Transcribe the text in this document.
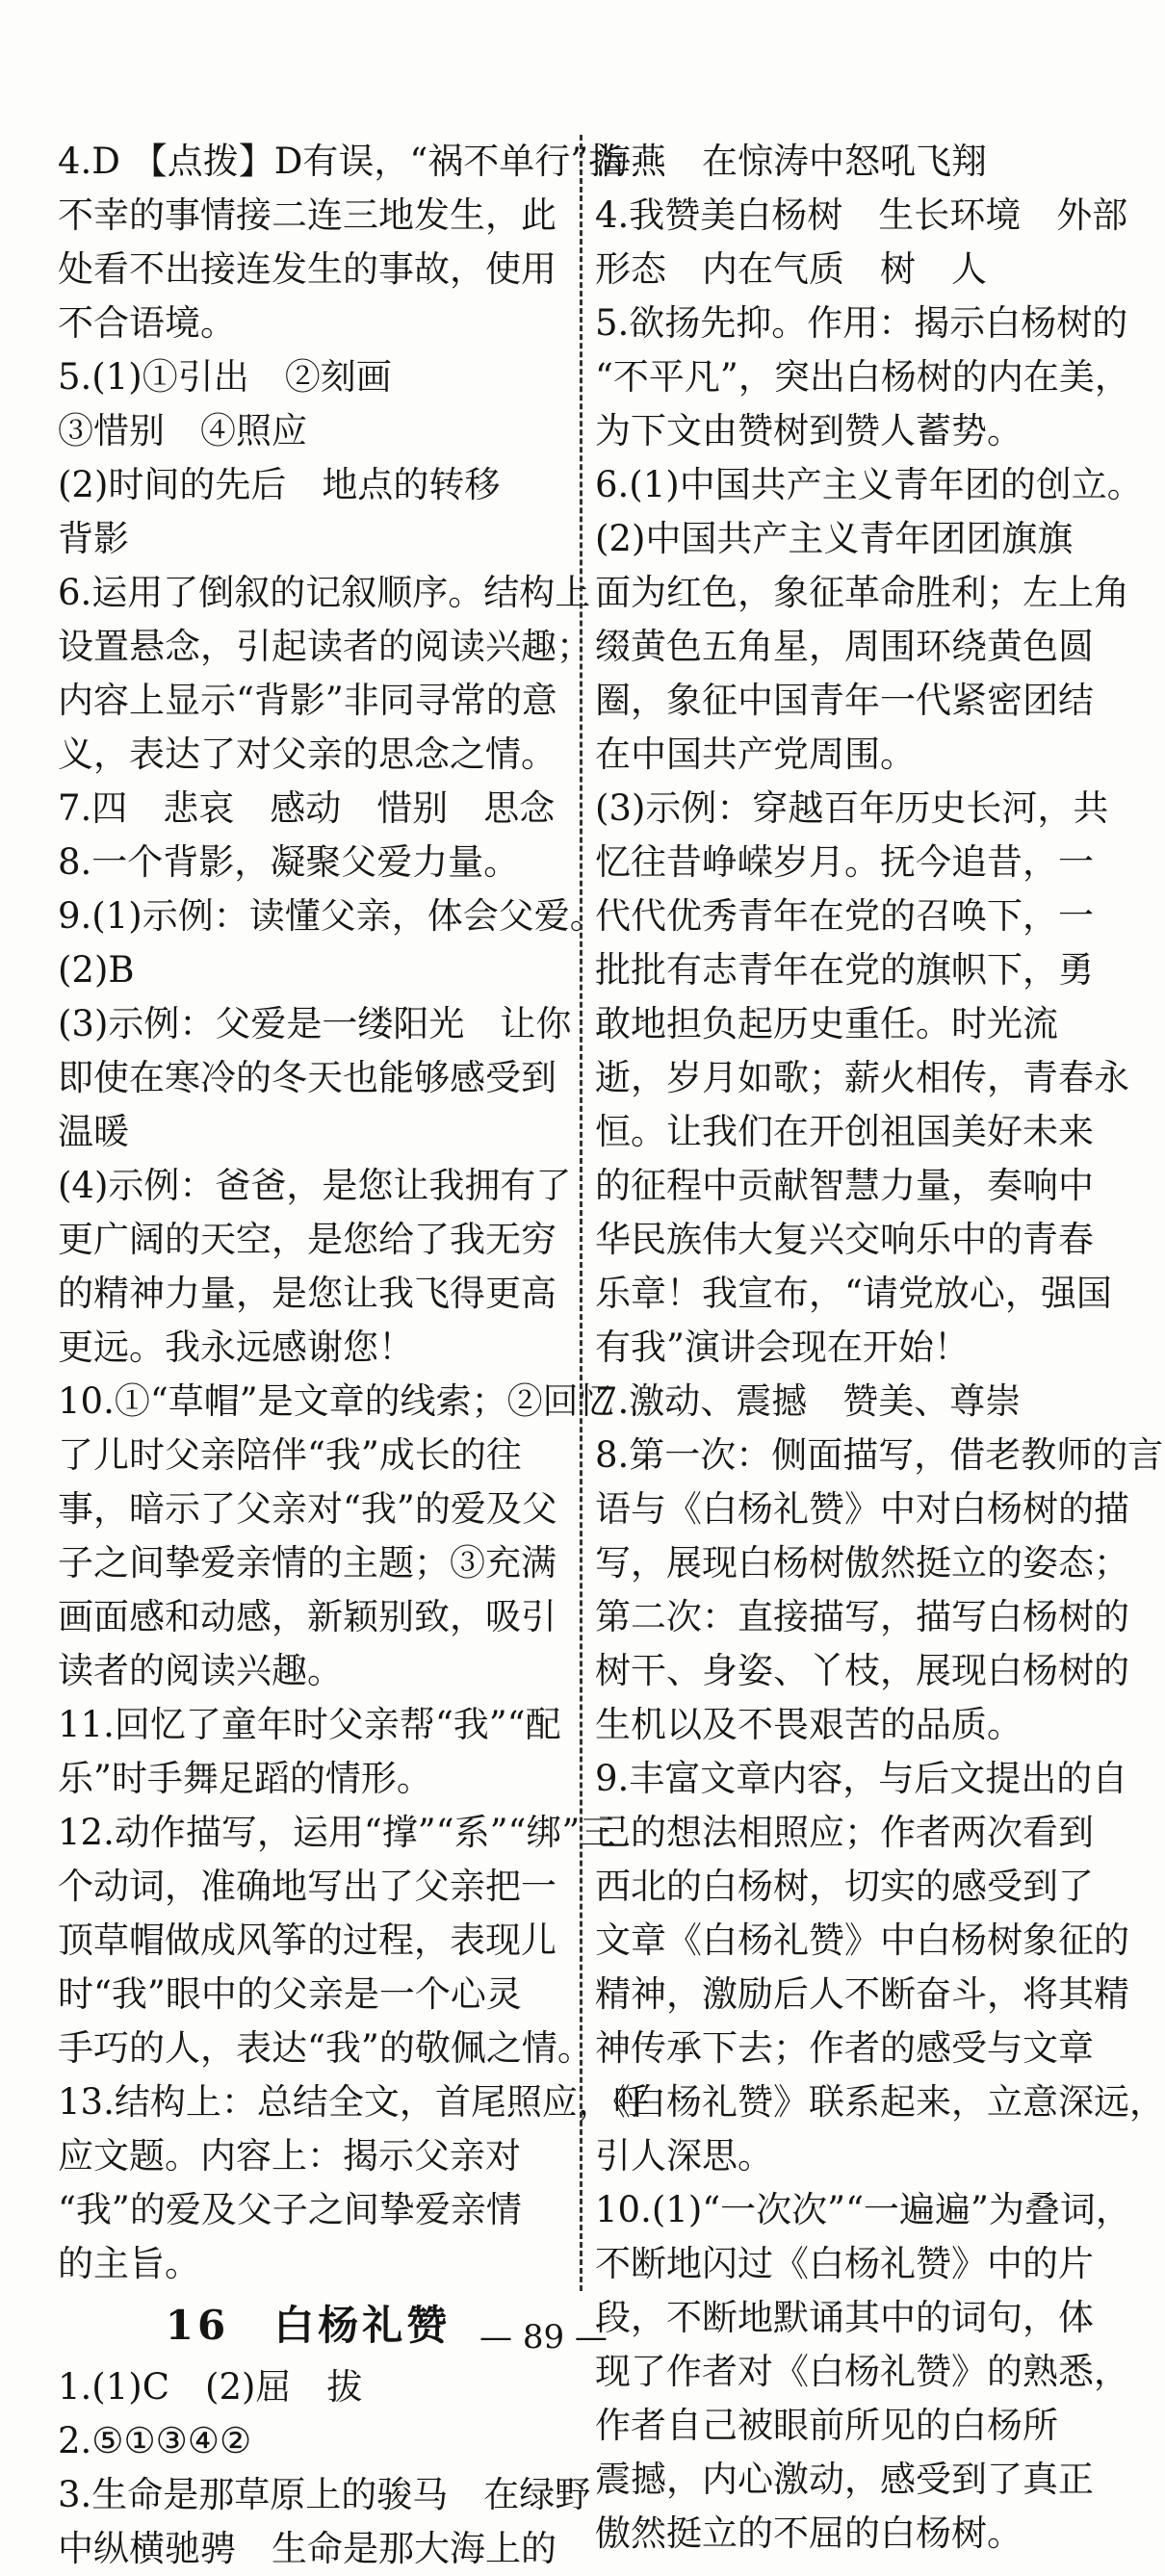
4.D 【点拨】D有误，“祸不单行”指
不幸的事情接二连三地发生，此
处看不出接连发生的事故，使用
不合语境。
5.(1)①引出　②刻画
③惜别　④照应
(2)时间的先后　地点的转移
背影
6.运用了倒叙的记叙顺序。结构上
设置悬念，引起读者的阅读兴趣；
内容上显示“背影”非同寻常的意
义，表达了对父亲的思念之情。
7.四　悲哀　感动　惜别　思念
8.一个背影，凝聚父爱力量。
9.(1)示例：读懂父亲，体会父爱。
(2)B
(3)示例：父爱是一缕阳光　让你
即使在寒冷的冬天也能够感受到
温暖
(4)示例：爸爸，是您让我拥有了
更广阔的天空，是您给了我无穷
的精神力量，是您让我飞得更高
更远。我永远感谢您！
10.①“草帽”是文章的线索；②回忆
了儿时父亲陪伴“我”成长的往
事，暗示了父亲对“我”的爱及父
子之间挚爱亲情的主题；③充满
画面感和动感，新颖别致，吸引
读者的阅读兴趣。
11.回忆了童年时父亲帮“我”“配
乐”时手舞足蹈的情形。
12.动作描写，运用“撑”“系”“绑”三
个动词，准确地写出了父亲把一
顶草帽做成风筝的过程，表现儿
时“我”眼中的父亲是一个心灵
手巧的人，表达“我”的敬佩之情。
13.结构上：总结全文，首尾照应，呼
应文题。内容上：揭示父亲对
“我”的爱及父子之间挚爱亲情
的主旨。
16　白杨礼赞
1.(1)C　(2)屈　拔
2.⑤①③④②
3.生命是那草原上的骏马　在绿野
中纵横驰骋　生命是那大海上的
海燕　在惊涛中怒吼飞翔
4.我赞美白杨树　生长环境　外部
形态　内在气质　树　人
5.欲扬先抑。作用：揭示白杨树的
“不平凡”，突出白杨树的内在美，
为下文由赞树到赞人蓄势。
6.(1)中国共产主义青年团的创立。
(2)中国共产主义青年团团旗旗
面为红色，象征革命胜利；左上角
缀黄色五角星，周围环绕黄色圆
圈，象征中国青年一代紧密团结
在中国共产党周围。
(3)示例：穿越百年历史长河，共
忆往昔峥嵘岁月。抚今追昔，一
代代优秀青年在党的召唤下，一
批批有志青年在党的旗帜下，勇
敢地担负起历史重任。时光流
逝，岁月如歌；薪火相传，青春永
恒。让我们在开创祖国美好未来
的征程中贡献智慧力量，奏响中
华民族伟大复兴交响乐中的青春
乐章！我宣布，“请党放心，强国
有我”演讲会现在开始！
7.激动、震撼　赞美、尊崇
8.第一次：侧面描写，借老教师的言
语与《白杨礼赞》中对白杨树的描
写，展现白杨树傲然挺立的姿态；
第二次：直接描写，描写白杨树的
树干、身姿、丫枝，展现白杨树的
生机以及不畏艰苦的品质。
9.丰富文章内容，与后文提出的自
己的想法相照应；作者两次看到
西北的白杨树，切实的感受到了
文章《白杨礼赞》中白杨树象征的
精神，激励后人不断奋斗，将其精
神传承下去；作者的感受与文章
《白杨礼赞》联系起来，立意深远，
引人深思。
10.(1)“一次次”“一遍遍”为叠词，
不断地闪过《白杨礼赞》中的片
段，不断地默诵其中的词句，体
现了作者对《白杨礼赞》的熟悉，
作者自己被眼前所见的白杨所
震撼，内心激动，感受到了真正
傲然挺立的不屈的白杨树。
— 89 —
